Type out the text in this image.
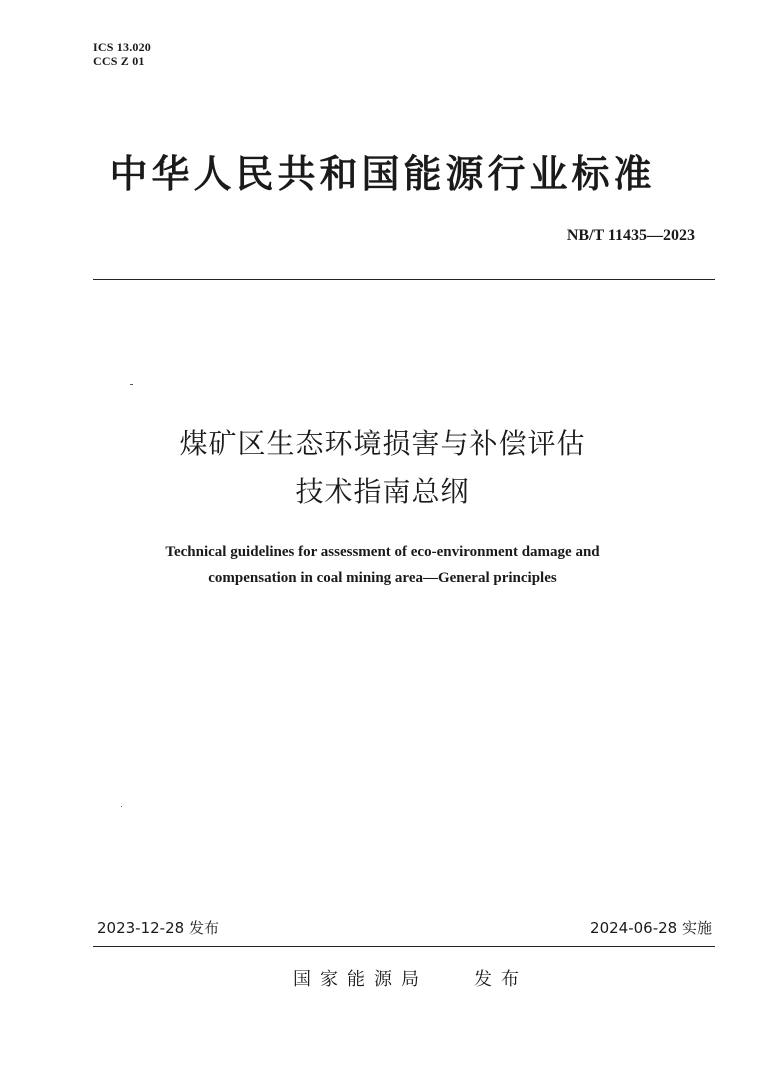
ICS 13.020
CCS Z 01
中华人民共和国能源行业标准
NB/T 11435—2023
煤矿区生态环境损害与补偿评估
技术指南总纲
Technical guidelines for assessment of eco-environment damage and
compensation in coal mining area—General principles
2023-12-28 发布	2024-06-28 实施
国家能源局	发布
